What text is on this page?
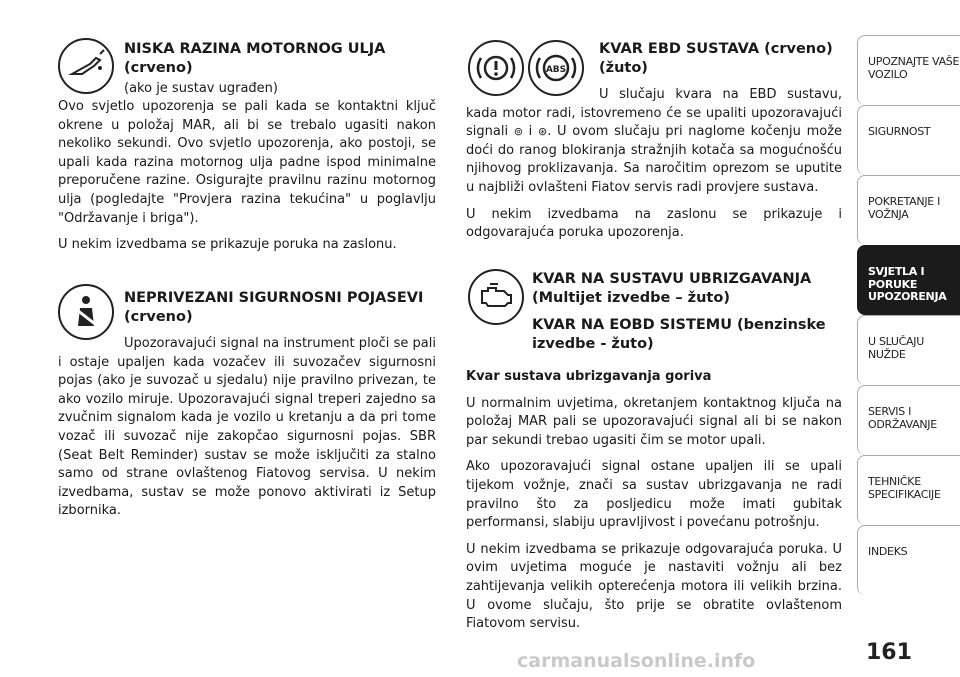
NISKA RAZINA MOTORNOG ULJA (crveno)
(ako je sustav ugrađen)

Ovo svjetlo upozorenja se pali kada se kontaktni ključ okrene u položaj MAR, ali bi se trebalo ugasiti nakon nekoliko sekundi. Ovo svjetlo upozorenja, ako postoji, se upali kada razina motornog ulja padne ispod minimalne preporučene razine. Osigurajte pravilnu razinu motornog ulja (pogledajte "Provjera razina tekućina" u poglavlju "Održavanje i briga").

U nekim izvedbama se prikazuje poruka na zaslonu.

NEPRIVEZANI SIGURNOSNI POJASEVI (crveno)

Upozoravajući signal na instrument ploči se pali i ostaje upaljen kada vozačev ili suvozačev sigurnosni pojas (ako je suvozač u sjedalu) nije pravilno privezan, te ako vozilo miruje. Upozoravajući signal treperi zajedno sa zvučnim signalom kada je vozilo u kretanju a da pri tome vozač ili suvozač nije zakopčao sigurnosni pojas. SBR (Seat Belt Reminder) sustav se može isključiti za stalno samo od strane ovlaštenog Fiatovog servisa. U nekim izvedbama, sustav se može ponovo aktivirati iz Setup izbornika.

ABS
KVAR EBD SUSTAVA (crveno) (žuto)

U slučaju kvara na EBD sustavu, kada motor radi, istovremeno će se upaliti upozoravajući signali ⊚ i ⊛. U ovom slučaju pri naglome kočenju može doći do ranog blokiranja stražnjih kotača sa mogućnošću njihovog proklizavanja. Sa naročitim oprezom se uputite u najbliži ovlašteni Fiatov servis radi provjere sustava.

U nekim izvedbama na zaslonu se prikazuje i odgovarajuća poruka upozorenja.

KVAR NA SUSTAVU UBRIZGAVANJA (Multijet izvedbe – žuto)
KVAR NA EOBD SISTEMU (benzinske izvedbe - žuto)

Kvar sustava ubrizgavanja goriva

U normalnim uvjetima, okretanjem kontaktnog ključa na položaj MAR pali se upozoravajući signal ali bi se nakon par sekundi trebao ugasiti čim se motor upali.

Ako upozoravajući signal ostane upaljen ili se upali tijekom vožnje, znači sa sustav ubrizgavanja ne radi pravilno što za posljedicu može imati gubitak performansi, slabiju upravljivost i povećanu potrošnju.

U nekim izvedbama se prikazuje odgovarajuća poruka. U ovim uvjetima moguće je nastaviti vožnju ali bez zahtijevanja velikih opterećenja motora ili velikih brzina. U ovome slučaju, što prije se obratite ovlaštenom Fiatovom servisu.

UPOZNAJTE VAŠE VOZILO
SIGURNOST
POKRETANJE I VOŽNJA
SVJETLA I PORUKE UPOZORENJA
U SLUČAJU NUŽDE
SERVIS I ODRŽAVANJE
TEHNIČKE SPECIFIKACIJE
INDEKS
161
carmanualsonline.info
